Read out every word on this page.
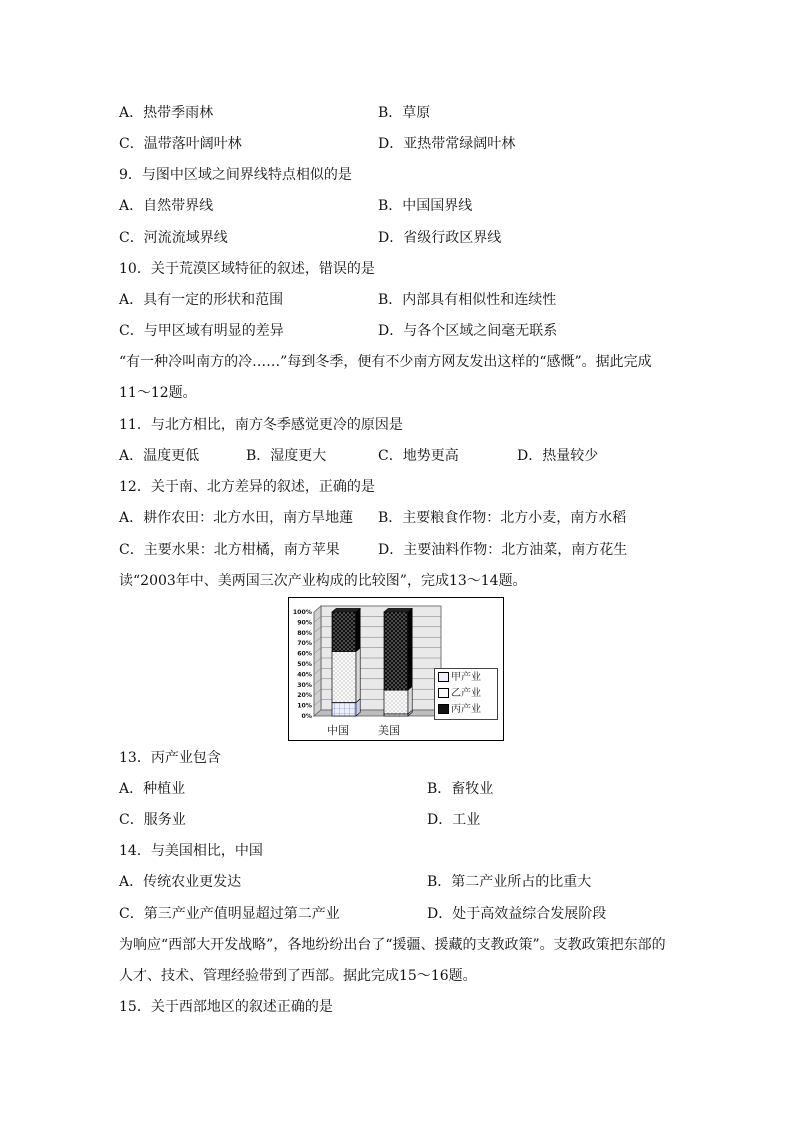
A．热带季雨林	B．草原
C．温带落叶阔叶林	D．亚热带常绿阔叶林
9．与图中区域之间界线特点相似的是
A．自然带界线	B．中国国界线
C．河流流域界线	D．省级行政区界线
10．关于荒漠区域特征的叙述，错误的是
A．具有一定的形状和范围	B．内部具有相似性和连续性
C．与甲区域有明显的差异	D．与各个区域之间毫无联系
“有一种冷叫南方的冷……”每到冬季，便有不少南方网友发出这样的“感慨”。据此完成
11～12题。
11．与北方相比，南方冬季感觉更冷的原因是
A．温度更低	B．湿度更大	C．地势更高	D．热量较少
12．关于南、北方差异的叙述，正确的是
A．耕作农田：北方水田，南方旱地蓮 B．主要粮食作物：北方小麦，南方水稻
C．主要水果：北方柑橘，南方苹果	D．主要油料作物：北方油菜，南方花生
读“2003年中、美两国三次产业构成的比较图”，完成13～14题。
0%
10%
20%
30%
40%
50%
60%
70%
80%
90%
100%
甲产业
乙产业
丙产业
中国	美国
13．丙产业包含
A．种植业	B．畜牧业
C．服务业	D．工业
14．与美国相比，中国
A．传统农业更发达	B．第二产业所占的比重大
C．第三产业产值明显超过第二产业	D．处于高效益综合发展阶段
为响应“西部大开发战略”，各地纷纷出台了“援疆、援藏的支教政策”。支教政策把东部的
人才、技术、管理经验带到了西部。据此完成15～16题。
15．关于西部地区的叙述正确的是
